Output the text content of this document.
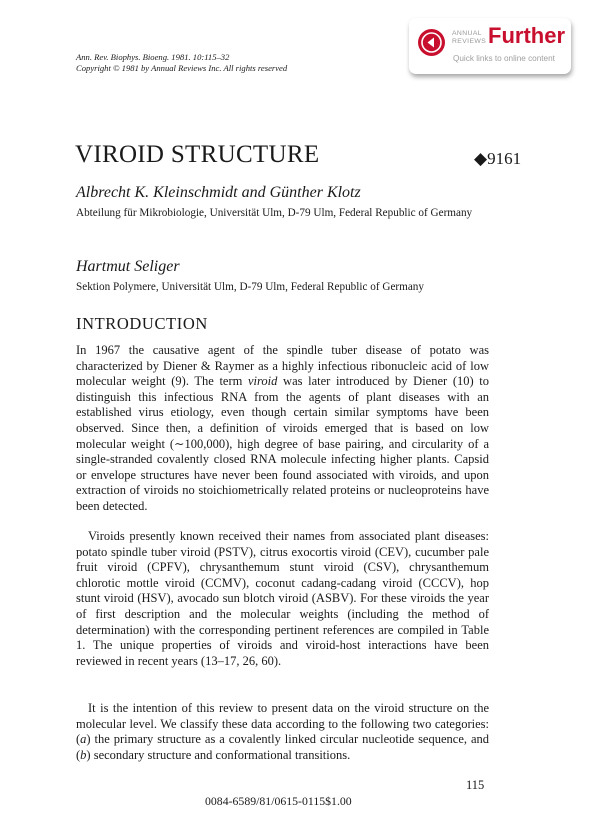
Ann. Rev. Biophys. Bioeng. 1981. 10:115–32
Copyright © 1981 by Annual Reviews Inc. All rights reserved
ANNUAL
REVIEWS Further
Quick links to online content
VIROID STRUCTURE	◆9161
Albrecht K. Kleinschmidt and Günther Klotz
Abteilung für Mikrobiologie, Universität Ulm, D-79 Ulm, Federal Republic of Germany
Hartmut Seliger
Sektion Polymere, Universität Ulm, D-79 Ulm, Federal Republic of Germany
INTRODUCTION

In 1967 the causative agent of the spindle tuber disease of potato was characterized by Diener & Raymer as a highly infectious ribonucleic acid of low molecular weight (9). The term viroid was later introduced by Diener (10) to distinguish this infectious RNA from the agents of plant diseases with an established virus etiology, even though certain similar symptoms have been observed. Since then, a definition of viroids emerged that is based on low molecular weight (∼100,000), high degree of base pairing, and circularity of a single-stranded covalently closed RNA molecule infecting higher plants. Capsid or envelope structures have never been found associated with viroids, and upon extraction of viroids no stoichiometrically related proteins or nucleoproteins have been detected.

Viroids presently known received their names from associated plant diseases: potato spindle tuber viroid (PSTV), citrus exocortis viroid (CEV), cucumber pale fruit viroid (CPFV), chrysanthemum stunt viroid (CSV), chrysanthemum chlorotic mottle viroid (CCMV), coconut cadang-cadang viroid (CCCV), hop stunt viroid (HSV), avocado sun blotch viroid (ASBV). For these viroids the year of first description and the molecular weights (including the method of determination) with the corresponding pertinent references are compiled in Table 1. The unique properties of viroids and viroid-host interactions have been reviewed in recent years (13–17, 26, 60).

It is the intention of this review to present data on the viroid structure on the molecular level. We classify these data according to the following two categories: (a) the primary structure as a covalently linked circular nucleotide sequence, and (b) secondary structure and conformational transitions.

115
0084-6589/81/0615-0115$1.00
